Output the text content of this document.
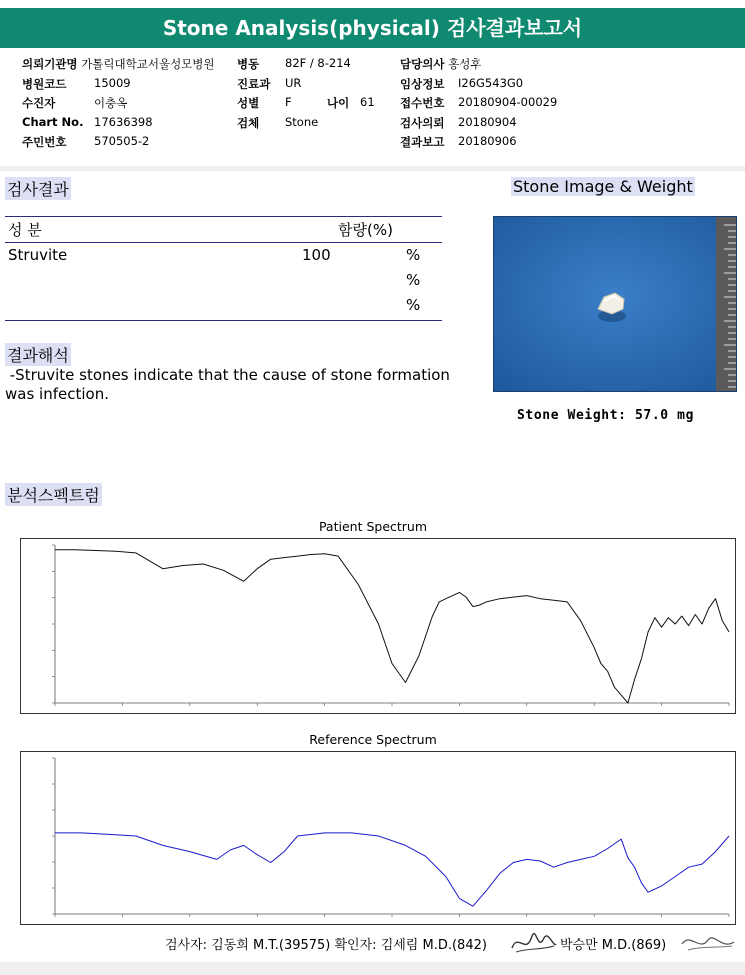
Stone Analysis(physical) 검사결과보고서
의뢰기관명 가톨릭대학교서울성모병원 병동 82F / 8-214	담당의사 홍성후
병원코드 15009	진료과 UR	임상정보 I26G543G0
수진자	이충옥	성별 F	나이 61 접수번호 20180904-00029
Chart No. 17636398	검체 Stone	검사의뢰 20180904
주민번호 570505-2	결과보고 20180906
검사결과
성 분	함량(%)
Struvite	100	%
%
%
결과해석
-Struvite stones indicate that the cause of stone formation
was infection.
Stone Image & Weight
Stone Weight: 57.0 mg
분석스펙트럼
Patient Spectrum
Reference Spectrum
검사자: 김동희 M.T.(39575) 확인자: 김세림 M.D.(842)	박승만 M.D.(869)
